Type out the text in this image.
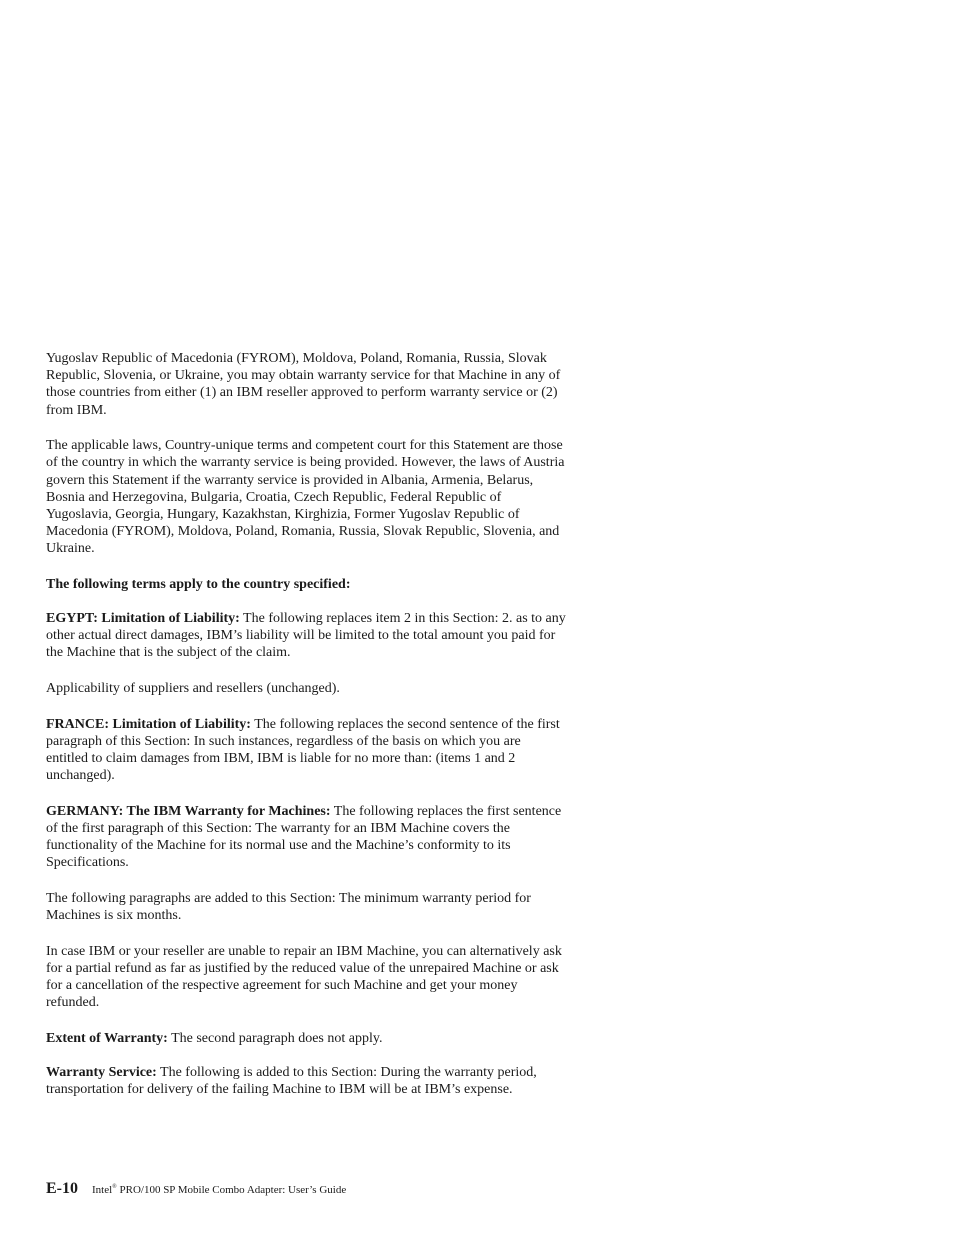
Yugoslav Republic of Macedonia (FYROM), Moldova, Poland, Romania, Russia, Slovak Republic, Slovenia, or Ukraine, you may obtain warranty service for that Machine in any of those countries from either (1) an IBM reseller approved to perform warranty service or (2) from IBM.

The applicable laws, Country-unique terms and competent court for this Statement are those of the country in which the warranty service is being provided. However, the laws of Austria govern this Statement if the warranty service is provided in Albania, Armenia, Belarus, Bosnia and Herzegovina, Bulgaria, Croatia, Czech Republic, Federal Republic of Yugoslavia, Georgia, Hungary, Kazakhstan, Kirghizia, Former Yugoslav Republic of Macedonia (FYROM), Moldova, Poland, Romania, Russia, Slovak Republic, Slovenia, and Ukraine.

The following terms apply to the country specified:

EGYPT: Limitation of Liability: The following replaces item 2 in this Section: 2. as to any other actual direct damages, IBM’s liability will be limited to the total amount you paid for the Machine that is the subject of the claim.

Applicability of suppliers and resellers (unchanged).

FRANCE: Limitation of Liability: The following replaces the second sentence of the first paragraph of this Section: In such instances, regardless of the basis on which you are entitled to claim damages from IBM, IBM is liable for no more than: (items 1 and 2 unchanged).

GERMANY: The IBM Warranty for Machines: The following replaces the first sentence of the first paragraph of this Section: The warranty for an IBM Machine covers the functionality of the Machine for its normal use and the Machine’s conformity to its Specifications.

The following paragraphs are added to this Section: The minimum warranty period for Machines is six months.

In case IBM or your reseller are unable to repair an IBM Machine, you can alternatively ask for a partial refund as far as justified by the reduced value of the unrepaired Machine or ask for a cancellation of the respective agreement for such Machine and get your money refunded.

Extent of Warranty: The second paragraph does not apply.

Warranty Service: The following is added to this Section: During the warranty period, transportation for delivery of the failing Machine to IBM will be at IBM’s expense.

E-10 Intel® PRO/100 SP Mobile Combo Adapter: User’s Guide
